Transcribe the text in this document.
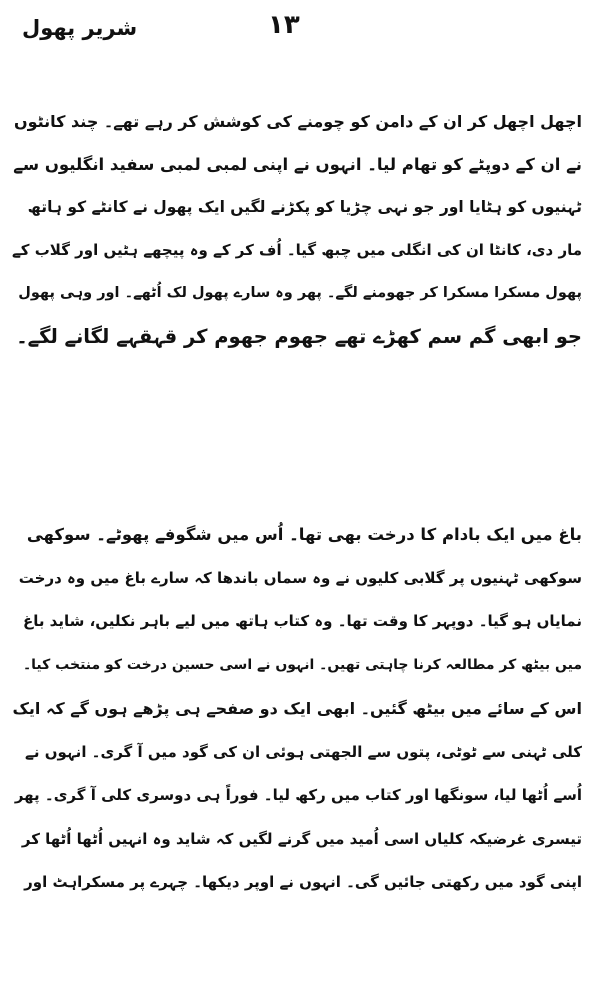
شریر پھول	۱۳
اچھل اچھل کر ان کے دامن کو چومنے کی کوشش کر رہے تھے۔ چند کانٹوں
نے ان کے دوپٹے کو تھام لیا۔ انہوں نے اپنی لمبی لمبی سفید انگلیوں سے
ٹہنیوں کو ہٹایا اور جو نہی چڑیا کو پکڑنے لگیں ایک پھول نے کانٹے کو ہاتھ
مار دی، کانٹا ان کی انگلی میں چبھ گیا۔ اُف کر کے وہ پیچھے ہٹیں اور گلاب کے
پھول مسکرا مسکرا کر جھومنے لگے۔ پھر وہ سارے پھول لک اُٹھے۔ اور وہی پھول
جو ابھی گم سم کھڑے تھے جھوم جھوم کر قہقہے لگانے لگے۔
باغ میں ایک بادام کا درخت بھی تھا۔ اُس میں شگوفے پھوٹے۔ سوکھی
سوکھی ٹہنیوں پر گلابی کلیوں نے وہ سماں باندھا کہ سارے باغ میں وہ درخت
نمایاں ہو گیا۔ دوپہر کا وقت تھا۔ وہ کتاب ہاتھ میں لیے باہر نکلیں، شاید باغ
میں بیٹھ کر مطالعہ کرنا چاہتی تھیں۔ انہوں نے اسی حسین درخت کو منتخب کیا۔
اس کے سائے میں بیٹھ گئیں۔ ابھی ایک دو صفحے ہی پڑھے ہوں گے کہ ایک
کلی ٹہنی سے ٹوٹی، پتوں سے الجھتی ہوئی ان کی گود میں آ گری۔ انہوں نے
اُسے اُٹھا لیا، سونگھا اور کتاب میں رکھ لیا۔ فوراً ہی دوسری کلی آ گری۔ پھر
تیسری غرضیکہ کلیاں اسی اُمید میں گرنے لگیں کہ شاید وہ انہیں اُٹھا اُٹھا کر
اپنی گود میں رکھتی جائیں گی۔ انہوں نے اوپر دیکھا۔ چہرے پر مسکراہٹ اور
